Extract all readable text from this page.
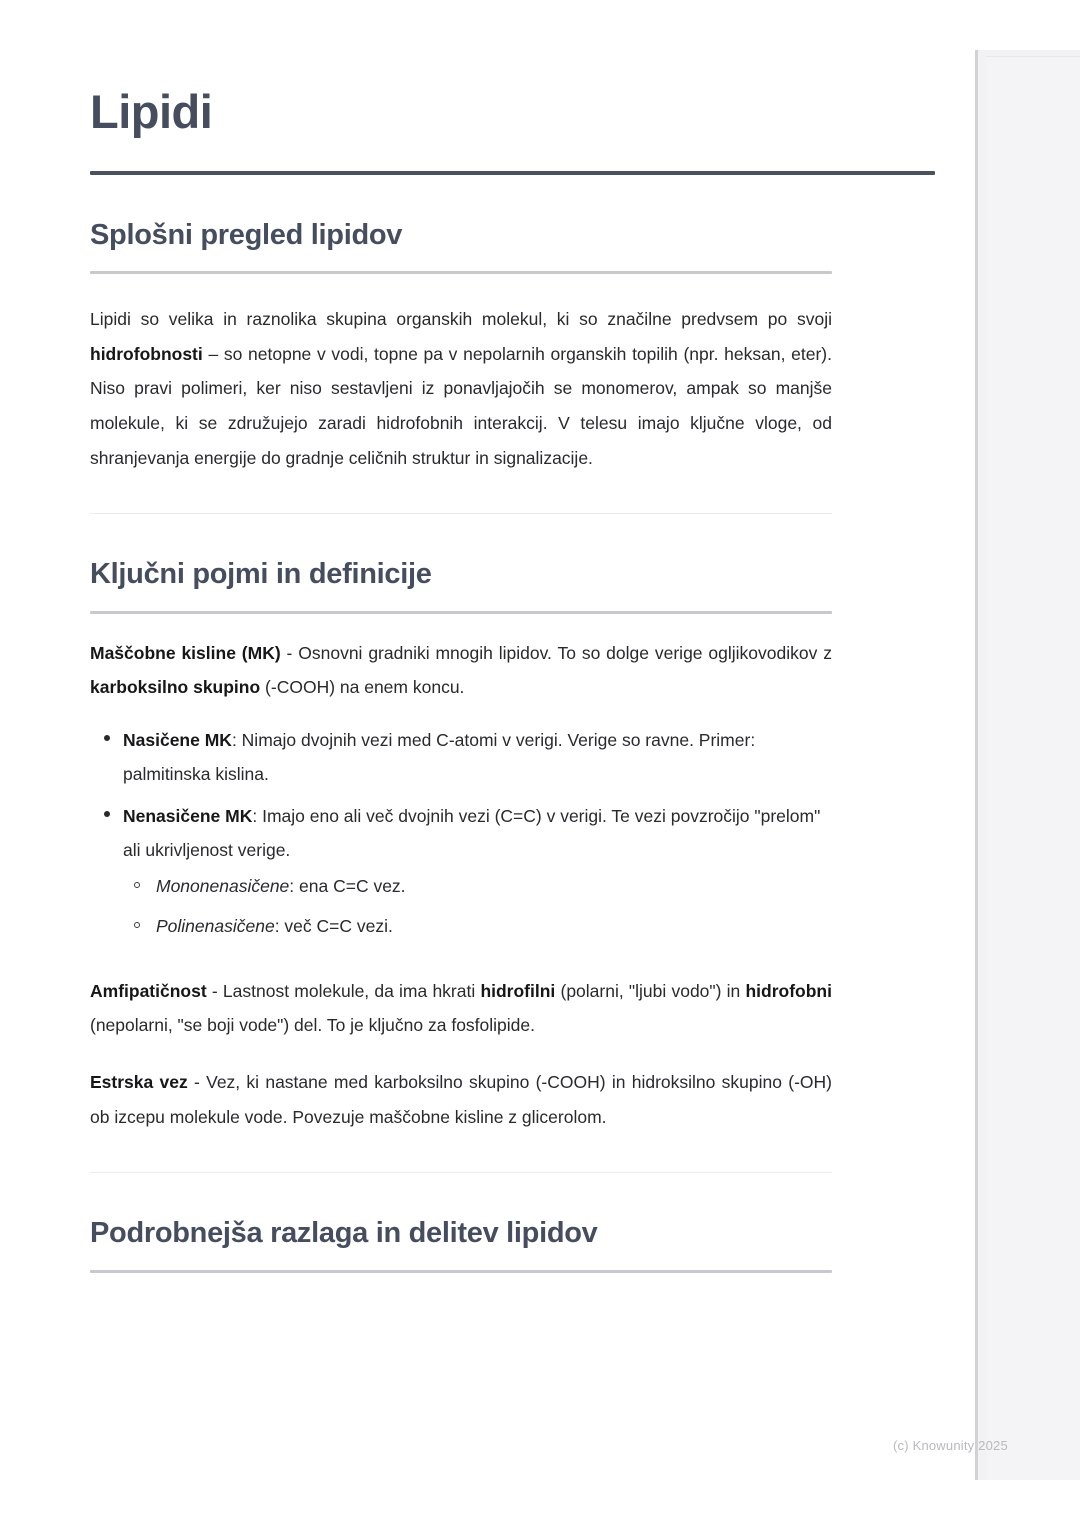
Lipidi
Splošni pregled lipidov

Lipidi so velika in raznolika skupina organskih molekul, ki so značilne predvsem po svoji hidrofobnosti – so netopne v vodi, topne pa v nepolarnih organskih topilih (npr. heksan, eter). Niso pravi polimeri, ker niso sestavljeni iz ponavljajočih se monomerov, ampak so manjše molekule, ki se združujejo zaradi hidrofobnih interakcij. V telesu imajo ključne vloge, od shranjevanja energije do gradnje celičnih struktur in signalizacije.

Ključni pojmi in definicije

Maščobne kisline (MK) - Osnovni gradniki mnogih lipidov. To so dolge verige ogljikovodikov z karboksilno skupino (-COOH) na enem koncu.

Nasičene MK: Nimajo dvojnih vezi med C-atomi v verigi. Verige so ravne. Primer: palmitinska kislina.
Nenasičene MK: Imajo eno ali več dvojnih vezi (C=C) v verigi. Te vezi povzročijo "prelom" ali ukrivljenost verige.
Mononenasičene: ena C=C vez.
Polinenasičene: več C=C vezi.

Amfipatičnost - Lastnost molekule, da ima hkrati hidrofilni (polarni, "ljubi vodo") in hidrofobni (nepolarni, "se boji vode") del. To je ključno za fosfolipide.

Estrska vez - Vez, ki nastane med karboksilno skupino (-COOH) in hidroksilno skupino (-OH) ob izcepu molekule vode. Povezuje maščobne kisline z glicerolom.

Podrobnejša razlaga in delitev lipidov
(c) Knowunity 2025
